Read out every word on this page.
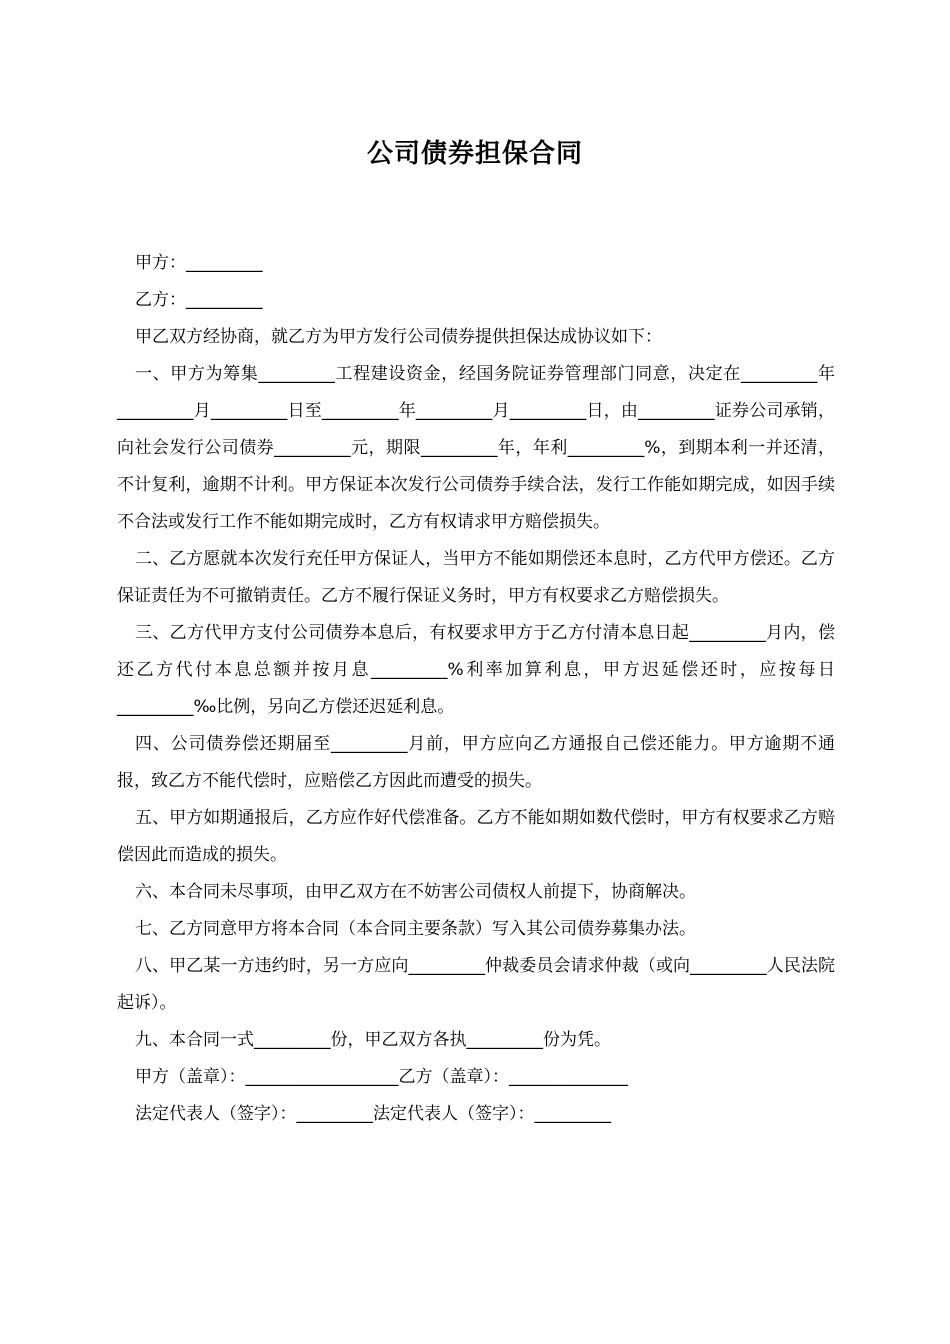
公司债券担保合同

甲方：_________

乙方：_________

甲乙双方经协商，就乙方为甲方发行公司债券提供担保达成协议如下：

一、甲方为筹集_________工程建设资金，经国务院证券管理部门同意，决定在_________年_________月_________日至_________年_________月_________日，由_________证券公司承销，向社会发行公司债券_________元，期限_________年，年利_________%，到期本利一并还清，不计复利，逾期不计利。甲方保证本次发行公司债券手续合法，发行工作能如期完成，如因手续不合法或发行工作不能如期完成时，乙方有权请求甲方赔偿损失。

二、乙方愿就本次发行充任甲方保证人，当甲方不能如期偿还本息时，乙方代甲方偿还。乙方保证责任为不可撤销责任。乙方不履行保证义务时，甲方有权要求乙方赔偿损失。

三、乙方代甲方支付公司债券本息后，有权要求甲方于乙方付清本息日起_________月内，偿还乙方代付本息总额并按月息_________%利率加算利息，甲方迟延偿还时，应按每日_________‰比例，另向乙方偿还迟延利息。

四、公司债券偿还期届至_________月前，甲方应向乙方通报自己偿还能力。甲方逾期不通报，致乙方不能代偿时，应赔偿乙方因此而遭受的损失。

五、甲方如期通报后，乙方应作好代偿准备。乙方不能如期如数代偿时，甲方有权要求乙方赔偿因此而造成的损失。

六、本合同未尽事项，由甲乙双方在不妨害公司债权人前提下，协商解决。

七、乙方同意甲方将本合同（本合同主要条款）写入其公司债券募集办法。

八、甲乙某一方违约时，另一方应向_________仲裁委员会请求仲裁（或向_________人民法院起诉）。

九、本合同一式_________份，甲乙双方各执_________份为凭。

甲方（盖章）：__________________乙方（盖章）：______________

法定代表人（签字）：_________法定代表人（签字）：_________
